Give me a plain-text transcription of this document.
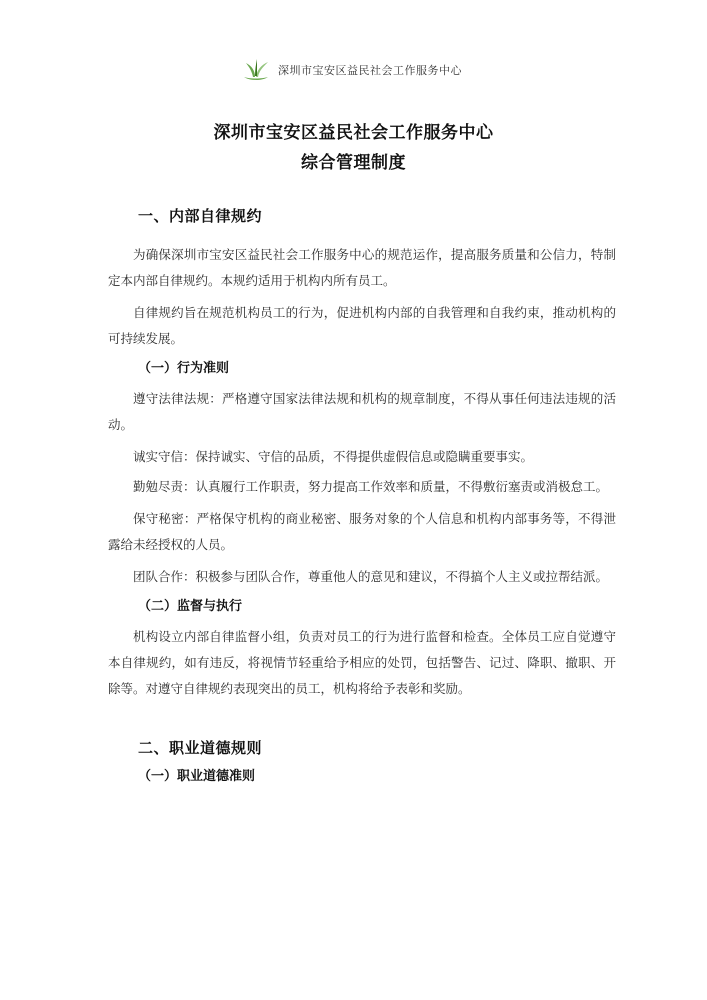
深圳市宝安区益民社会工作服务中心
深圳市宝安区益民社会工作服务中心
综合管理制度
一、内部自律规约

为确保深圳市宝安区益民社会工作服务中心的规范运作，提高服务质量和公信力，特制定本内部自律规约。本规约适用于机构内所有员工。

自律规约旨在规范机构员工的行为，促进机构内部的自我管理和自我约束，推动机构的可持续发展。

（一）行为准则

遵守法律法规：严格遵守国家法律法规和机构的规章制度，不得从事任何违法违规的活动。

诚实守信：保持诚实、守信的品质，不得提供虚假信息或隐瞒重要事实。

勤勉尽责：认真履行工作职责，努力提高工作效率和质量，不得敷衍塞责或消极怠工。

保守秘密：严格保守机构的商业秘密、服务对象的个人信息和机构内部事务等，不得泄露给未经授权的人员。

团队合作：积极参与团队合作，尊重他人的意见和建议，不得搞个人主义或拉帮结派。

（二）监督与执行

机构设立内部自律监督小组，负责对员工的行为进行监督和检查。全体员工应自觉遵守本自律规约，如有违反，将视情节轻重给予相应的处罚，包括警告、记过、降职、撤职、开除等。对遵守自律规约表现突出的员工，机构将给予表彰和奖励。

二、职业道德规则
（一）职业道德准则
